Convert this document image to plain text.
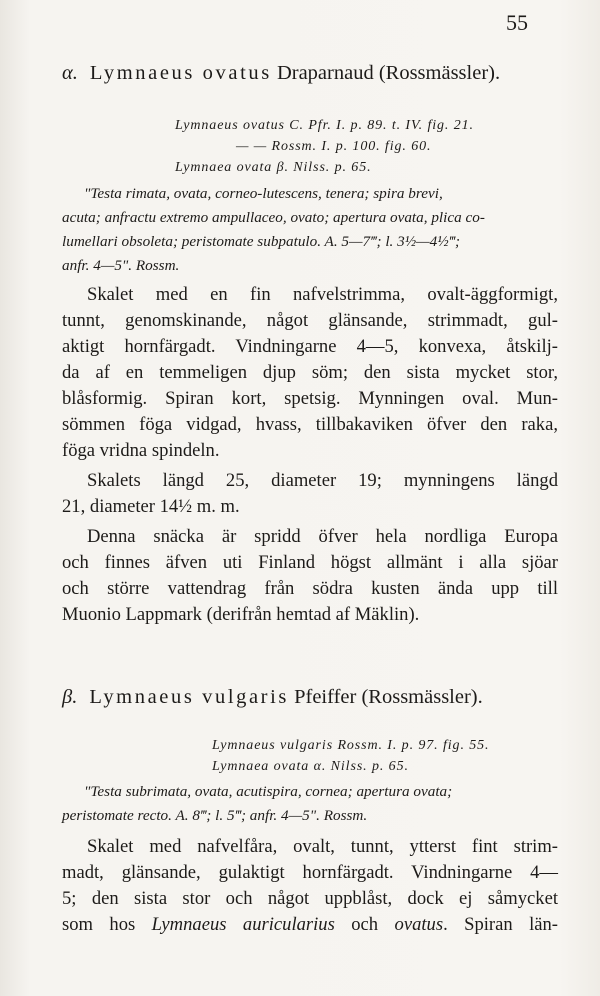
55
α. Lymnaeus ovatus Draparnaud (Rossmässler).
Lymnaeus ovatus C. Pfr. I. p. 89. t. IV. fig. 21.
— — Rossm. I. p. 100. fig. 60.
Lymnaea ovata β. Nilss. p. 65.
"Testa rimata, ovata, corneo-lutescens, tenera; spira brevi,
acuta; anfractu extremo ampullaceo, ovato; apertura ovata, plica co-
lumellari obsoleta; peristomate subpatulo. A. 5—7‴; l. 3½—4½‴;
anfr. 4—5". Rossm.
Skalet med en fin nafvelstrimma, ovalt-äggformigt,
tunnt, genomskinande, något glänsande, strimmadt, gul-
aktigt hornfärgadt. Vindningarne 4—5, konvexa, åtskilj-
da af en temmeligen djup söm; den sista mycket stor,
blåsformig. Spiran kort, spetsig. Mynningen oval. Mun-
sömmen föga vidgad, hvass, tillbakaviken öfver den raka,
föga vridna spindeln.
Skalets längd 25, diameter 19; mynningens längd
21, diameter 14½ m. m.
Denna snäcka är spridd öfver hela nordliga Europa
och finnes äfven uti Finland högst allmänt i alla sjöar
och större vattendrag från södra kusten ända upp till
Muonio Lappmark (derifrån hemtad af Mäklin).
β. Lymnaeus vulgaris Pfeiffer (Rossmässler).
Lymnaeus vulgaris Rossm. I. p. 97. fig. 55.
Lymnaea ovata α. Nilss. p. 65.
"Testa subrimata, ovata, acutispira, cornea; apertura ovata;
peristomate recto. A. 8‴; l. 5‴; anfr. 4—5". Rossm.
Skalet med nafvelfåra, ovalt, tunnt, ytterst fint strim-
madt, glänsande, gulaktigt hornfärgadt. Vindningarne 4—
5; den sista stor och något uppblåst, dock ej såmycket
som hos Lymnaeus auricularius och ovatus. Spiran län-
